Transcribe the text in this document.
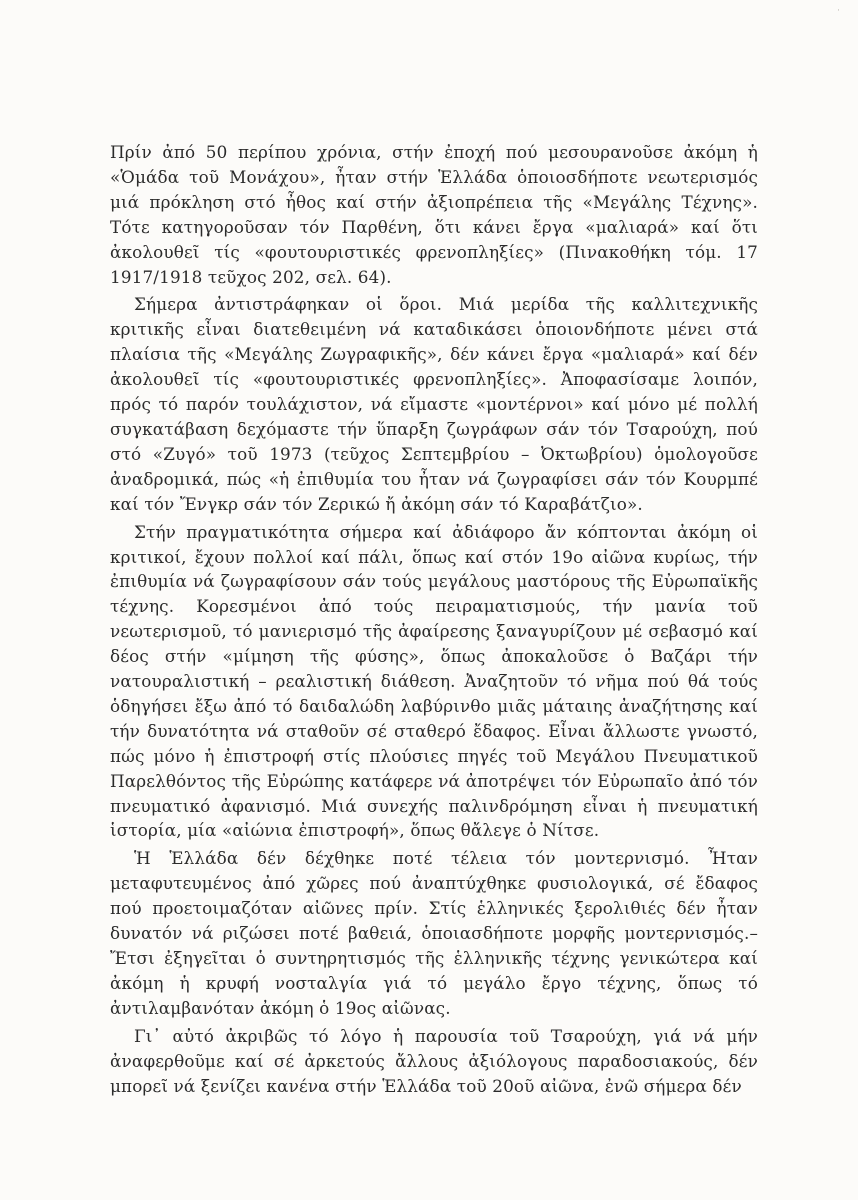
·

Πρίν ἀπό 50 περίπου χρόνια, στήν ἐποχή πού μεσουρανοῦσε ἀκόμη ἡ «Ὁμάδα τοῦ Μονάχου», ἦταν στήν Ἑλλάδα ὁποιοσδήποτε νεωτερισμός μιά πρόκληση στό ἦθος καί στήν ἀξιοπρέπεια τῆς «Μεγάλης Τέχνης». Τότε κατηγοροῦσαν τόν Παρθένη, ὅτι κάνει ἔργα «μαλιαρά» καί ὅτι ἀκολουθεῖ τίς «φουτουριστικές φρενοπληξίες» (Πινακοθήκη τόμ. 17 1917/1918 τεῦχος 202, σελ. 64).

Σήμερα ἀντιστράφηκαν οἱ ὅροι. Μιά μερίδα τῆς καλλιτεχνικῆς κριτικῆς εἶναι διατεθειμένη νά καταδικάσει ὁποιονδήποτε μένει στά πλαίσια τῆς «Μεγάλης Ζωγραφικῆς», δέν κάνει ἔργα «μαλιαρά» καί δέν ἀκολουθεῖ τίς «φουτουριστικές φρενοπληξίες». Ἀποφασίσαμε λοιπόν, πρός τό παρόν τουλάχιστον, νά εἴμαστε «μοντέρνοι» καί μόνο μέ πολλή συγκατάβαση δεχόμαστε τήν ὕπαρξη ζωγράφων σάν τόν Τσαρούχη, πού στό «Ζυγό» τοῦ 1973 (τεῦχος Σεπτεμβρίου – Ὀκτωβρίου) ὁμολογοῦσε ἀναδρομικά, πώς «ἡ ἐπιθυμία του ἦταν νά ζωγραφίσει σάν τόν Κουρμπέ καί τόν Ἔνγκρ σάν τόν Ζερικώ ἤ ἀκόμη σάν τό Καραβάτζιο».

Στήν πραγματικότητα σήμερα καί ἀδιάφορο ἄν κόπτονται ἀκόμη οἱ κριτικοί, ἔχουν πολλοί καί πάλι, ὅπως καί στόν 19ο αἰῶνα κυρίως, τήν ἐπιθυμία νά ζωγραφίσουν σάν τούς μεγάλους μαστόρους τῆς Εὐρωπαϊκῆς τέχνης. Κορεσμένοι ἀπό τούς πειραματισμούς, τήν μανία τοῦ νεωτερισμοῦ, τό μανιερισμό τῆς ἀφαίρεσης ξαναγυρίζουν μέ σεβασμό καί δέος στήν «μίμηση τῆς φύσης», ὅπως ἀποκαλοῦσε ὁ Βαζάρι τήν νατουραλιστική – ρεαλιστική διάθεση. Ἀναζητοῦν τό νῆμα πού θά τούς ὁδηγήσει ἔξω ἀπό τό δαιδαλώδη λαβύρινθο μιᾶς μάταιης ἀναζήτησης καί τήν δυνατότητα νά σταθοῦν σέ σταθερό ἔδαφος. Εἶναι ἄλλωστε γνωστό, πώς μόνο ἡ ἐπιστροφή στίς πλούσιες πηγές τοῦ Μεγάλου Πνευματικοῦ Παρελθόντος τῆς Εὐρώπης κατάφερε νά ἀποτρέψει τόν Εὐρωπαῖο ἀπό τόν πνευματικό ἀφανισμό. Μιά συνεχής παλινδρόμηση εἶναι ἡ πνευματική ἱστορία, μία «αἰώνια ἐπιστροφή», ὅπως θἄλεγε ὁ Νίτσε.

Ἡ Ἑλλάδα δέν δέχθηκε ποτέ τέλεια τόν μοντερνισμό. Ἦταν μεταφυτευμένος ἀπό χῶρες πού ἀναπτύχθηκε φυσιολογικά, σέ ἔδαφος πού προετοιμαζόταν αἰῶνες πρίν. Στίς ἑλληνικές ξερολιθιές δέν ἦταν δυνατόν νά ριζώσει ποτέ βαθειά, ὁποιασδήποτε μορφῆς μοντερνισμός.– Ἔτσι ἐξηγεῖται ὁ συντηρητισμός τῆς ἑλληνικῆς τέχνης γενικώτερα καί ἀκόμη ἡ κρυφή νοσταλγία γιά τό μεγάλο ἔργο τέχνης, ὅπως τό ἀντιλαμβανόταν ἀκόμη ὁ 19ος αἰῶνας.

Γι᾽ αὐτό ἀκριβῶς τό λόγο ἡ παρουσία τοῦ Τσαρούχη, γιά νά μήν ἀναφερθοῦμε καί σέ ἀρκετούς ἄλλους ἀξιόλογους παραδοσιακούς, δέν μπορεῖ νά ξενίζει κανένα στήν Ἑλλάδα τοῦ 20οῦ αἰῶνα, ἐνῶ σήμερα δέν
